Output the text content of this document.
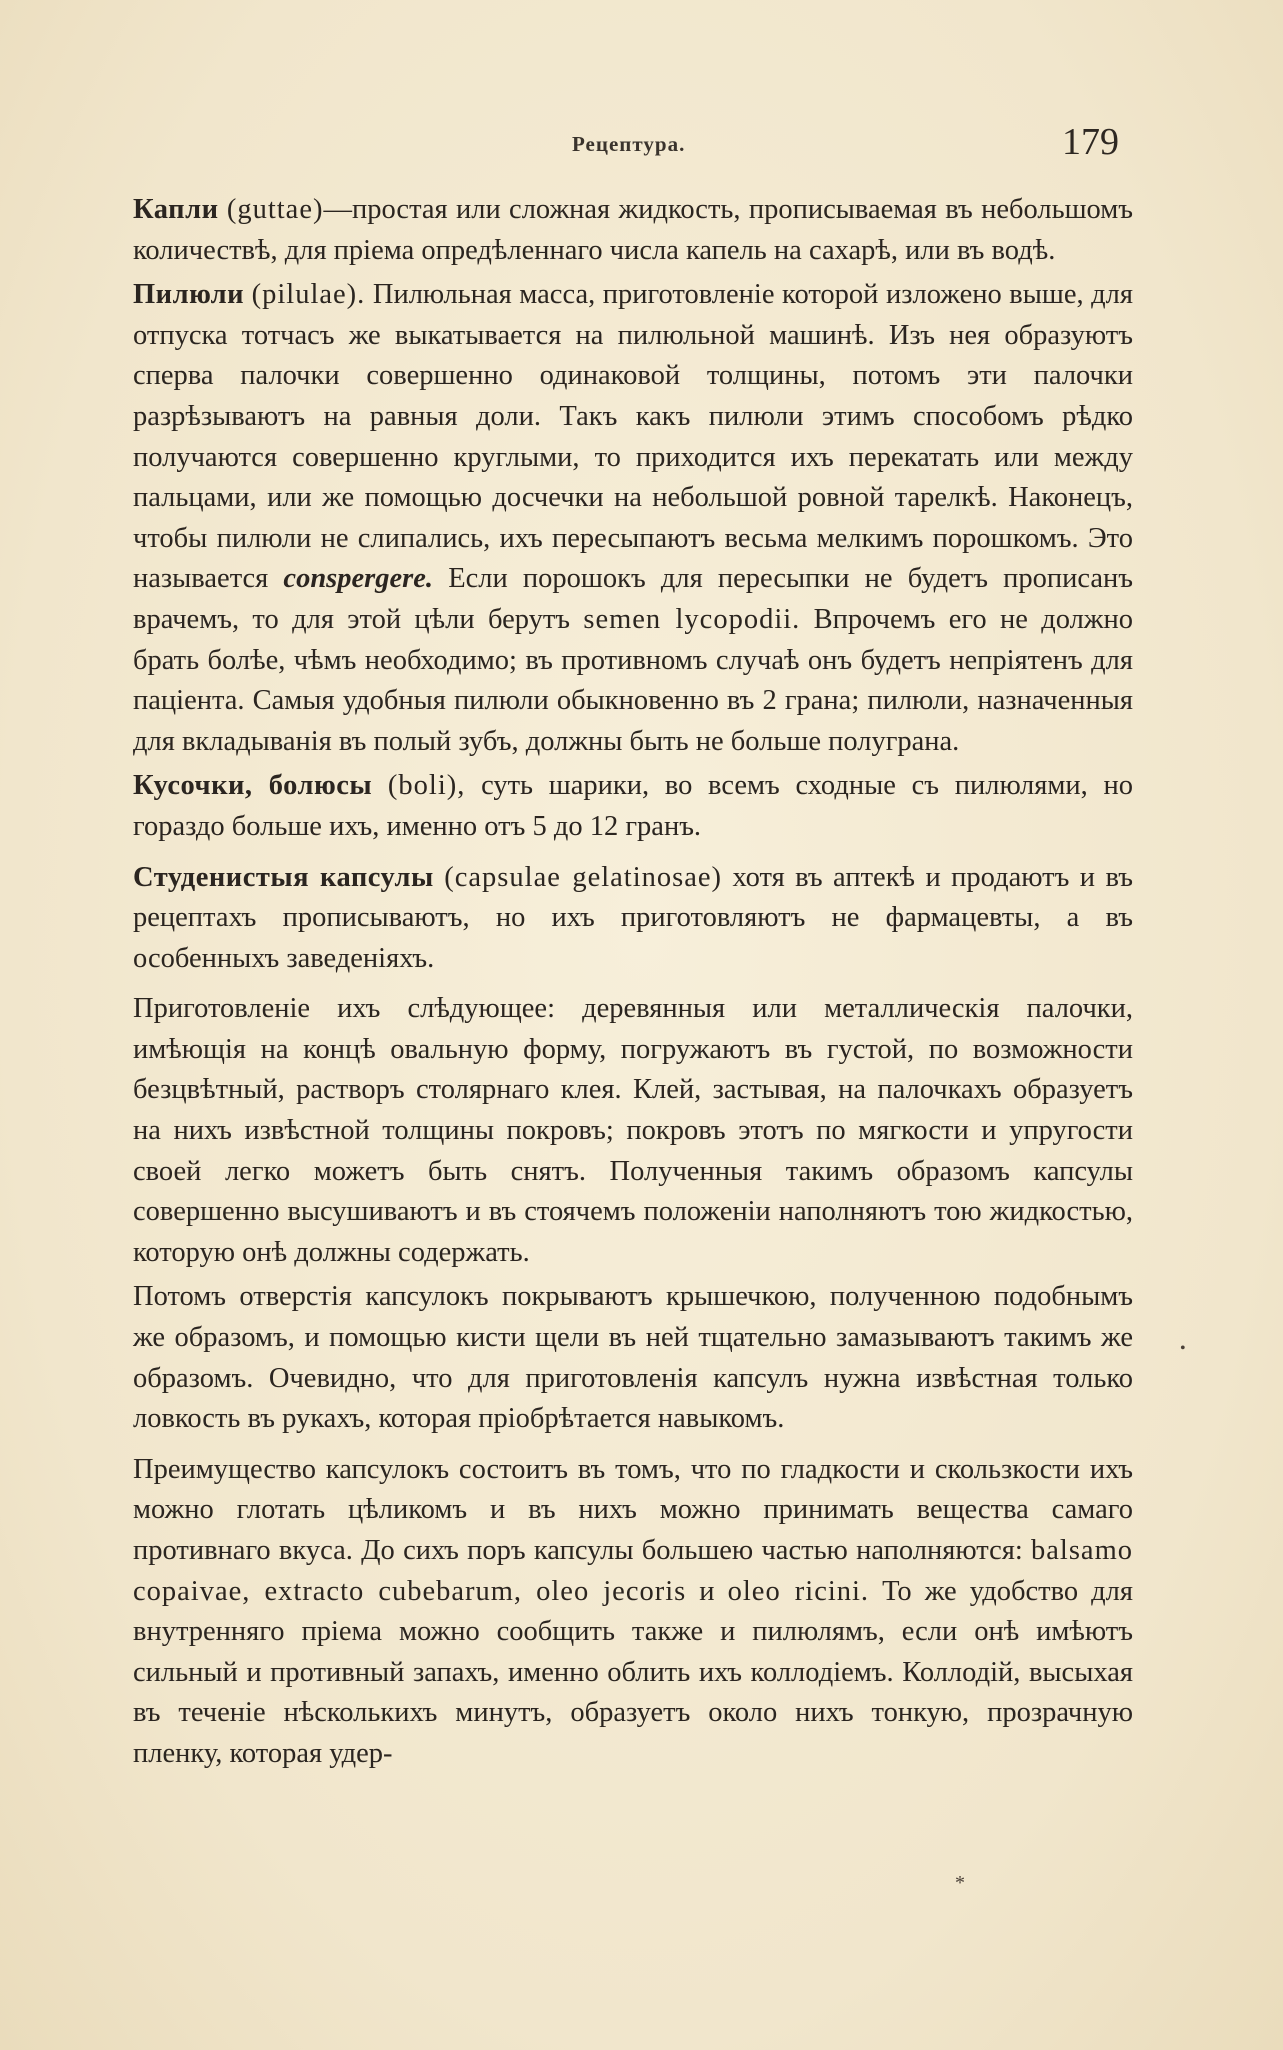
Рецептура.	179

Капли (guttae)—простая или сложная жидкость, прописываемая въ небольшомъ количествѣ, для пріема опредѣленнаго числа капель на сахарѣ, или въ водѣ.

Пилюли (pilulae). Пилюльная масса, приготовленіе которой изложено выше, для отпуска тотчасъ же выкатывается на пилюльной машинѣ. Изъ нея образуютъ сперва палочки совершенно одинаковой толщины, потомъ эти палочки разрѣзываютъ на равныя доли. Такъ какъ пилюли этимъ способомъ рѣдко получаются совершенно круглыми, то приходится ихъ перекатать или между пальцами, или же помощью досчечки на небольшой ровной тарелкѣ. Наконецъ, чтобы пилюли не слипались, ихъ пересыпаютъ весьма мелкимъ порошкомъ. Это называется conspergere. Если порошокъ для пересыпки не будетъ прописанъ врачемъ, то для этой цѣли берутъ semen lycopodii. Впрочемъ его не должно брать болѣе, чѣмъ необходимо; въ противномъ случаѣ онъ будетъ непріятенъ для паціента. Самыя удобныя пилюли обыкновенно въ 2 грана; пилюли, назначенныя для вкладыванія въ полый зубъ, должны быть не больше полуграна.

Кусочки, болюсы (boli), суть шарики, во всемъ сходные съ пилюлями, но гораздо больше ихъ, именно отъ 5 до 12 гранъ.

Студенистыя капсулы (capsulae gelatinosae) хотя въ аптекѣ и продаютъ и въ рецептахъ прописываютъ, но ихъ приготовляютъ не фармацевты, а въ особенныхъ заведеніяхъ.

Приготовленіе ихъ слѣдующее: деревянныя или металлическія палочки, имѣющія на концѣ овальную форму, погружаютъ въ густой, по возможности безцвѣтный, растворъ столярнаго клея. Клей, застывая, на палочкахъ образуетъ на нихъ извѣстной толщины покровъ; покровъ этотъ по мягкости и упругости своей легко можетъ быть снятъ. Полученныя такимъ образомъ капсулы совершенно высушиваютъ и въ стоячемъ положеніи наполняютъ тою жидкостью, которую онѣ должны содержать.

Потомъ отверстія капсулокъ покрываютъ крышечкою, полученною подобнымъ же образомъ, и помощью кисти щели въ ней тщательно замазываютъ такимъ же образомъ. Очевидно, что для приготовленія капсулъ нужна извѣстная только ловкость въ рукахъ, которая пріобрѣтается навыкомъ.

Преимущество капсулокъ состоитъ въ томъ, что по гладкости и скользкости ихъ можно глотать цѣликомъ и въ нихъ можно принимать вещества самаго противнаго вкуса. До сихъ поръ капсулы большею частью наполняются: balsamo copaivae, extracto cubebarum, oleo jecoris и oleo ricini. То же удобство для внутренняго пріема можно сообщить также и пилюлямъ, если онѣ имѣютъ сильный и противный запахъ, именно облить ихъ коллодіемъ. Коллодій, высыхая въ теченіе нѣсколькихъ минутъ, образуетъ около нихъ тонкую, прозрачную пленку, которая удер-

•
*
